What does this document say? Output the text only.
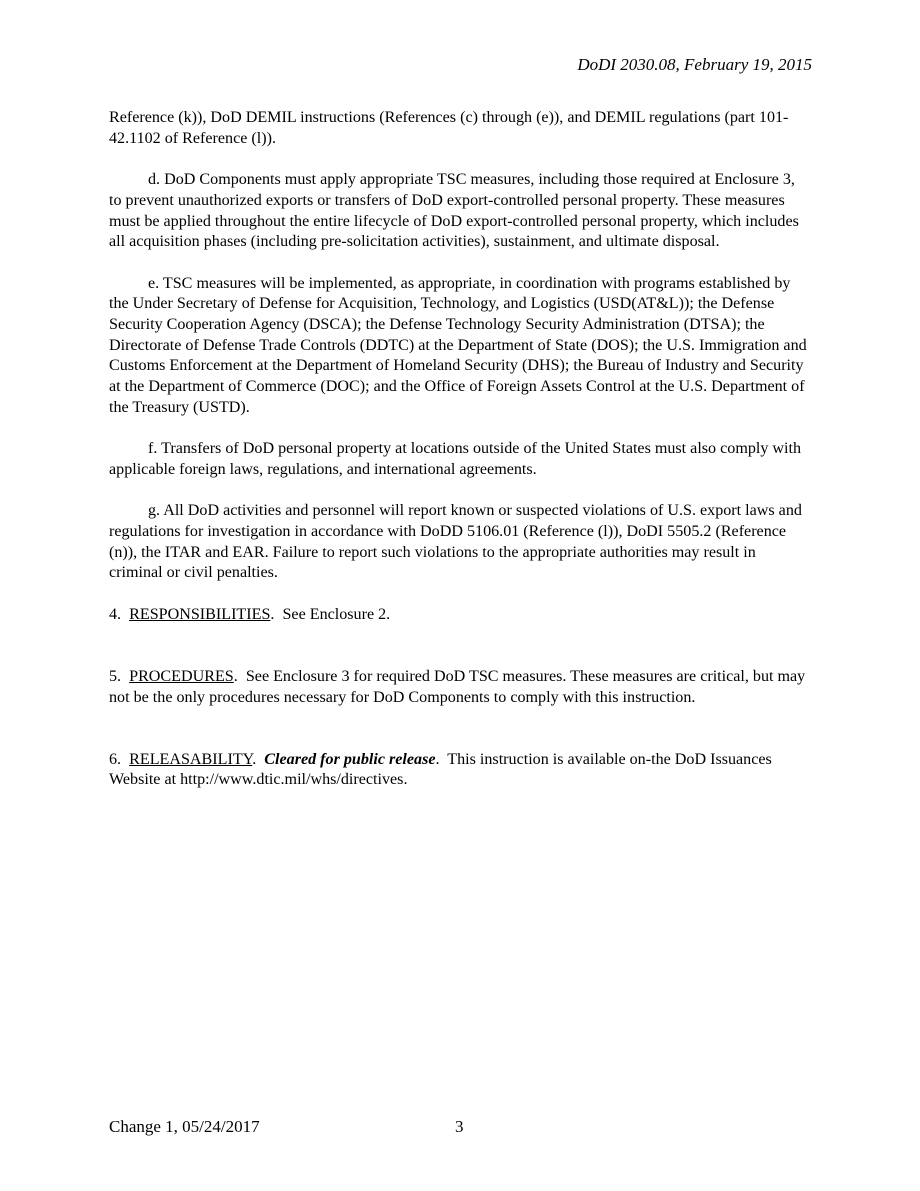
DoDI 2030.08, February 19, 2015

Reference (k)), DoD DEMIL instructions (References (c) through (e)), and DEMIL regulations (part 101-42.1102 of Reference (l)).

d. DoD Components must apply appropriate TSC measures, including those required at Enclosure 3, to prevent unauthorized exports or transfers of DoD export-controlled personal property. These measures must be applied throughout the entire lifecycle of DoD export-controlled personal property, which includes all acquisition phases (including pre-solicitation activities), sustainment, and ultimate disposal.

e. TSC measures will be implemented, as appropriate, in coordination with programs established by the Under Secretary of Defense for Acquisition, Technology, and Logistics (USD(AT&L)); the Defense Security Cooperation Agency (DSCA); the Defense Technology Security Administration (DTSA); the Directorate of Defense Trade Controls (DDTC) at the Department of State (DOS); the U.S. Immigration and Customs Enforcement at the Department of Homeland Security (DHS); the Bureau of Industry and Security at the Department of Commerce (DOC); and the Office of Foreign Assets Control at the U.S. Department of the Treasury (USTD).

f. Transfers of DoD personal property at locations outside of the United States must also comply with applicable foreign laws, regulations, and international agreements.

g. All DoD activities and personnel will report known or suspected violations of U.S. export laws and regulations for investigation in accordance with DoDD 5106.01 (Reference (l)), DoDI 5505.2 (Reference (n)), the ITAR and EAR. Failure to report such violations to the appropriate authorities may result in criminal or civil penalties.

4. RESPONSIBILITIES.  See Enclosure 2.

5. PROCEDURES.  See Enclosure 3 for required DoD TSC measures. These measures are critical, but may not be the only procedures necessary for DoD Components to comply with this instruction.

6. RELEASABILITY.  Cleared for public release.  This instruction is available on-the DoD Issuances Website at http://www.dtic.mil/whs/directives.

Change 1, 05/24/2017	3
